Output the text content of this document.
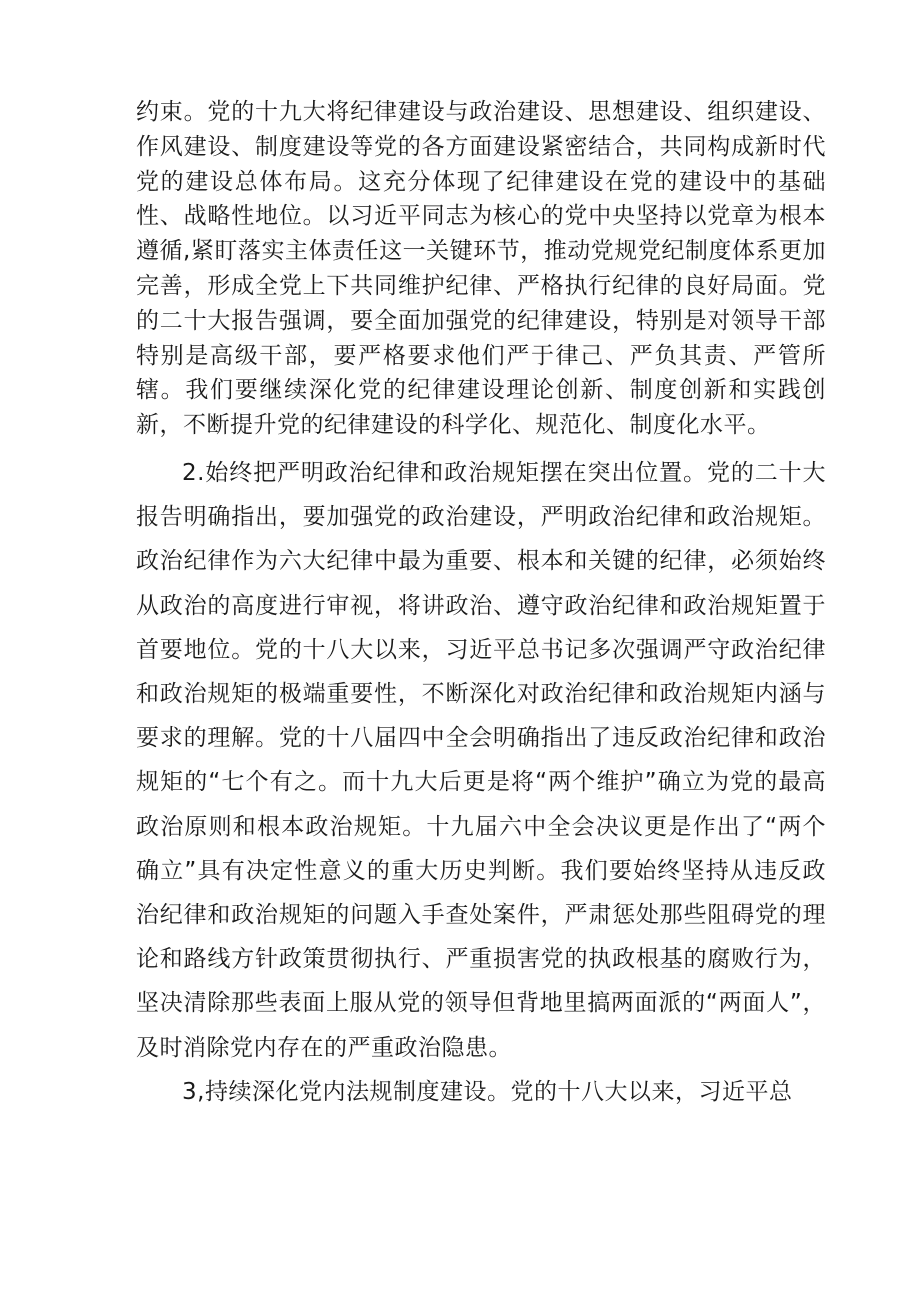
约束。党的十九大将纪律建设与政治建设、思想建设、组织建设、作风建设、制度建设等党的各方面建设紧密结合，共同构成新时代党的建设总体布局。这充分体现了纪律建设在党的建设中的基础性、战略性地位。以习近平同志为核心的党中央坚持以党章为根本遵循,紧盯落实主体责任这一关键环节，推动党规党纪制度体系更加完善，形成全党上下共同维护纪律、严格执行纪律的良好局面。党的二十大报告强调，要全面加强党的纪律建设，特别是对领导干部特别是高级干部，要严格要求他们严于律己、严负其责、严管所辖。我们要继续深化党的纪律建设理论创新、制度创新和实践创新，不断提升党的纪律建设的科学化、规范化、制度化水平。

2.始终把严明政治纪律和政治规矩摆在突出位置。党的二十大报告明确指出，要加强党的政治建设，严明政治纪律和政治规矩。政治纪律作为六大纪律中最为重要、根本和关键的纪律，必须始终从政治的高度进行审视，将讲政治、遵守政治纪律和政治规矩置于首要地位。党的十八大以来，习近平总书记多次强调严守政治纪律和政治规矩的极端重要性，不断深化对政治纪律和政治规矩内涵与要求的理解。党的十八届四中全会明确指出了违反政治纪律和政治规矩的“七个有之。而十九大后更是将“两个维护”确立为党的最高政治原则和根本政治规矩。十九届六中全会决议更是作出了“两个确立”具有决定性意义的重大历史判断。我们要始终坚持从违反政治纪律和政治规矩的问题入手查处案件，严肃惩处那些阻碍党的理论和路线方针政策贯彻执行、严重损害党的执政根基的腐败行为，坚决清除那些表面上服从党的领导但背地里搞两面派的“两面人”，及时消除党内存在的严重政治隐患。

3,持续深化党内法规制度建设。党的十八大以来，习近平总
